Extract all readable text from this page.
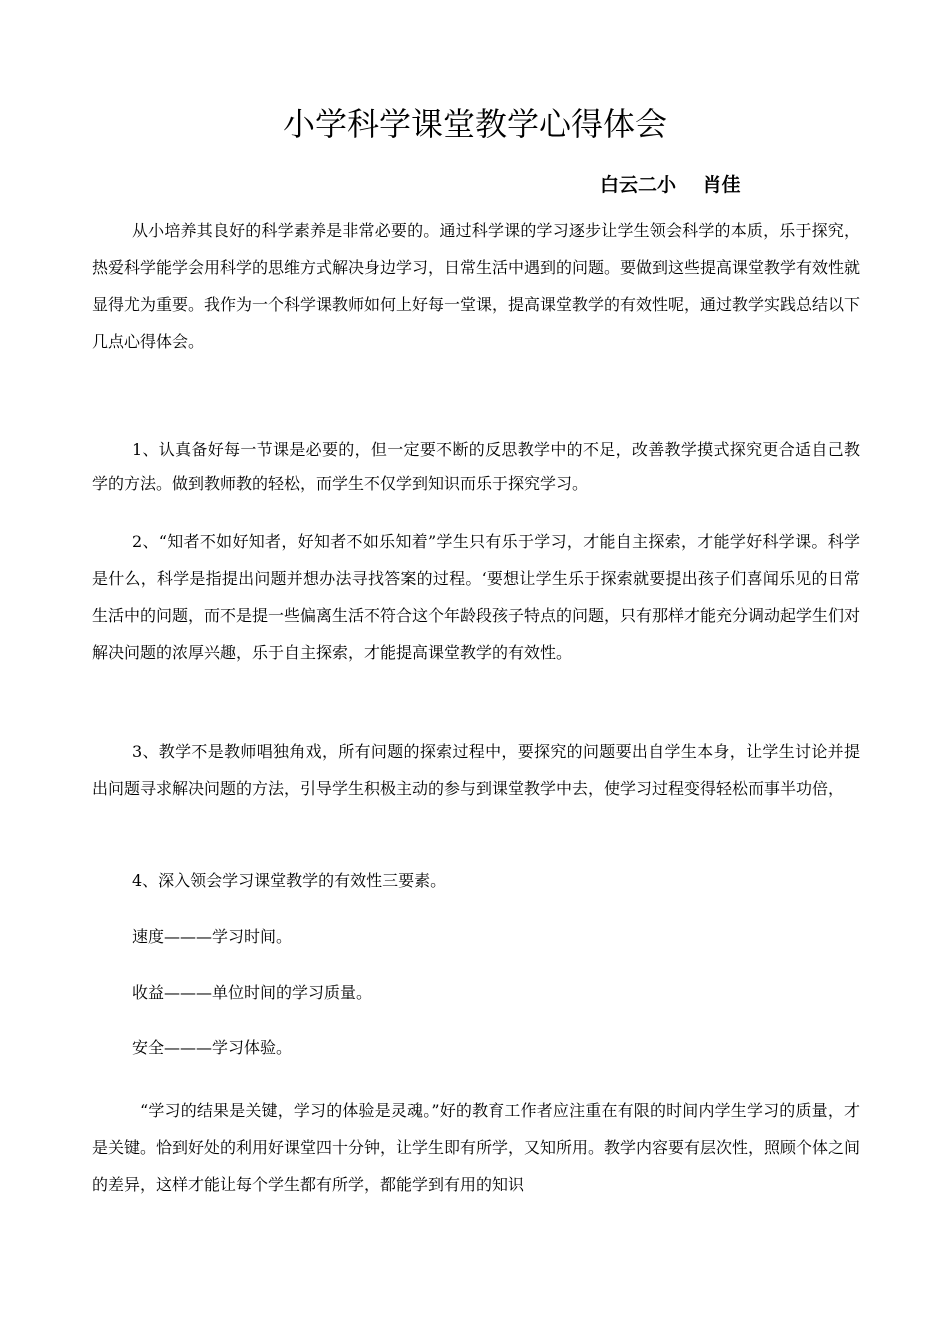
小学科学课堂教学心得体会

白云二小    肖佳

从小培养其良好的科学素养是非常必要的。通过科学课的学习逐步让学生领会科学的本质，乐于探究，热爱科学能学会用科学的思维方式解决身边学习，日常生活中遇到的问题。要做到这些提高课堂教学有效性就显得尤为重要。我作为一个科学课教师如何上好每一堂课，提高课堂教学的有效性呢，通过教学实践总结以下几点心得体会。

1、认真备好每一节课是必要的，但一定要不断的反思教学中的不足，改善教学摸式探究更合适自己教学的方法。做到教师教的轻松，而学生不仅学到知识而乐于探究学习。

2、“知者不如好知者，好知者不如乐知着”学生只有乐于学习，才能自主探索，才能学好科学课。科学是什么，科学是指提出问题并想办法寻找答案的过程。‘要想让学生乐于探索就要提出孩子们喜闻乐见的日常生活中的问题，而不是提一些偏离生活不符合这个年龄段孩子特点的问题，只有那样才能充分调动起学生们对解决问题的浓厚兴趣，乐于自主探索，才能提高课堂教学的有效性。

3、教学不是教师唱独角戏，所有问题的探索过程中，要探究的问题要出自学生本身，让学生讨论并提出问题寻求解决问题的方法，引导学生积极主动的参与到课堂教学中去，使学习过程变得轻松而事半功倍，

4、深入领会学习课堂教学的有效性三要素。

速度———学习时间。

收益———单位时间的学习质量。

安全———学习体验。

“学习的结果是关键，学习的体验是灵魂。”好的教育工作者应注重在有限的时间内学生学习的质量，才是关键。恰到好处的利用好课堂四十分钟，让学生即有所学，又知所用。教学内容要有层次性，照顾个体之间的差异，这样才能让每个学生都有所学，都能学到有用的知识
